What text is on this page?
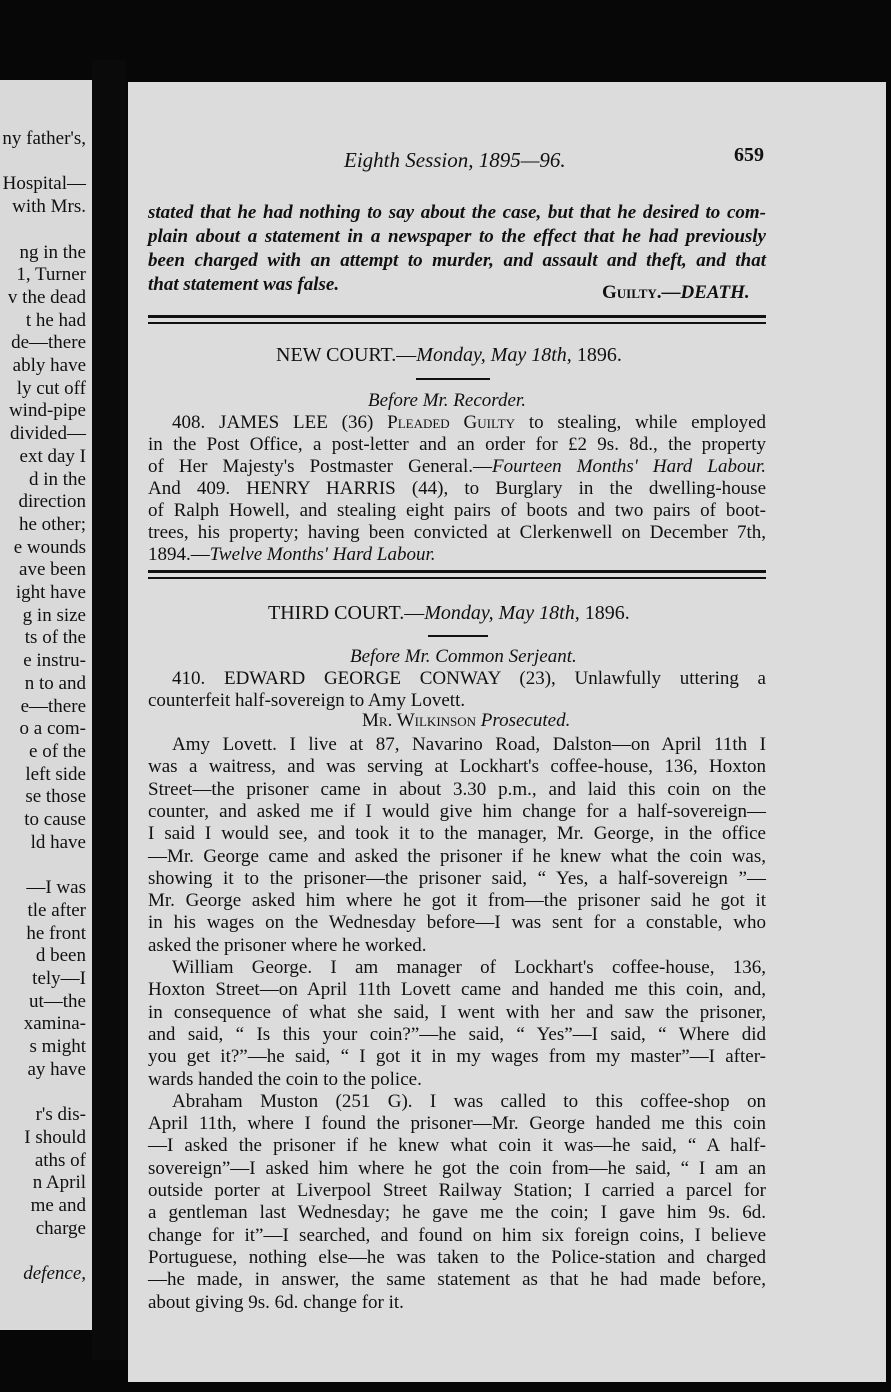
ny father's,
Hospital—
with Mrs.
ng in the
1, Turner
v the dead
t he had
de—there
ably have
ly cut off
wind-pipe
divided—
ext day I
d in the
direction
he other;
e wounds
ave been
ight have
g in size
ts of the
e instru-
n to and
e—there
o a com-
e of the
left side
se those
to cause
ld have
—I was
tle after
he front
d been
tely—I
ut—the
xamina-
s might
ay have
r's dis-
I should
aths of
n April
me and
charge
defence,
Eighth Session, 1895—96.	659
stated that he had nothing to say about the case, but that he desired to com-
plain about a statement in a newspaper to the effect that he had previously
been charged with an attempt to murder, and assault and theft, and that
that statement was false.	Guilty.—DEATH.
NEW COURT.—Monday, May 18th, 1896.
Before Mr. Recorder.
408. JAMES LEE (36) Pleaded Guilty to stealing, while employed
in the Post Office, a post-letter and an order for £2 9s. 8d., the property
of Her Majesty's Postmaster General.—Fourteen Months' Hard Labour.
And 409. HENRY HARRIS (44), to Burglary in the dwelling-house
of Ralph Howell, and stealing eight pairs of boots and two pairs of boot-
trees, his property; having been convicted at Clerkenwell on December 7th,
1894.—Twelve Months' Hard Labour.
THIRD COURT.—Monday, May 18th, 1896.
Before Mr. Common Serjeant.
410. EDWARD GEORGE CONWAY (23), Unlawfully uttering a
counterfeit half-sovereign to Amy Lovett.
Mr. Wilkinson Prosecuted.
Amy Lovett. I live at 87, Navarino Road, Dalston—on April 11th I
was a waitress, and was serving at Lockhart's coffee-house, 136, Hoxton
Street—the prisoner came in about 3.30 p.m., and laid this coin on the
counter, and asked me if I would give him change for a half-sovereign—
I said I would see, and took it to the manager, Mr. George, in the office
—Mr. George came and asked the prisoner if he knew what the coin was,
showing it to the prisoner—the prisoner said, “ Yes, a half-sovereign ”—
Mr. George asked him where he got it from—the prisoner said he got it
in his wages on the Wednesday before—I was sent for a constable, who
asked the prisoner where he worked.
William George. I am manager of Lockhart's coffee-house, 136,
Hoxton Street—on April 11th Lovett came and handed me this coin, and,
in consequence of what she said, I went with her and saw the prisoner,
and said, “ Is this your coin?”—he said, “ Yes”—I said, “ Where did
you get it?”—he said, “ I got it in my wages from my master”—I after-
wards handed the coin to the police.
Abraham Muston (251 G). I was called to this coffee-shop on
April 11th, where I found the prisoner—Mr. George handed me this coin
—I asked the prisoner if he knew what coin it was—he said, “ A half-
sovereign”—I asked him where he got the coin from—he said, “ I am an
outside porter at Liverpool Street Railway Station; I carried a parcel for
a gentleman last Wednesday; he gave me the coin; I gave him 9s. 6d.
change for it”—I searched, and found on him six foreign coins, I believe
Portuguese, nothing else—he was taken to the Police-station and charged
—he made, in answer, the same statement as that he had made before,
about giving 9s. 6d. change for it.
